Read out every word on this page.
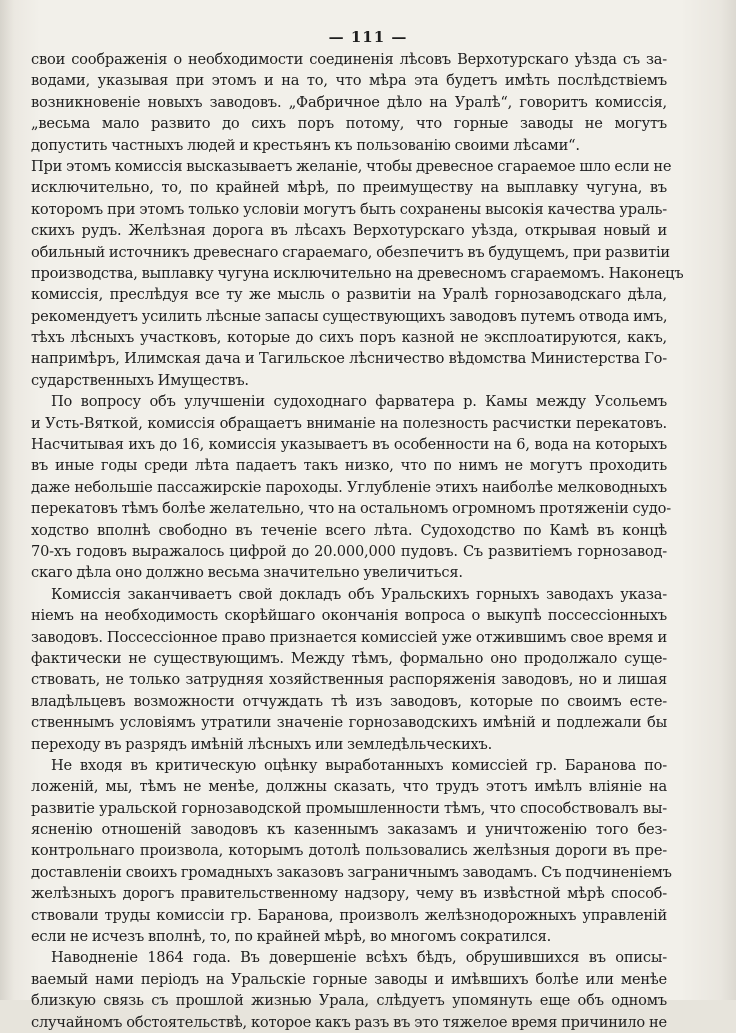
— 111 —
свои соображенія о необходимости соединенія лѣсовъ Верхотурскаго уѣзда съ за-
водами, указывая при этомъ и на то, что мѣра эта будетъ имѣть послѣдствіемъ
возникновеніе новыхъ заводовъ. „Фабричное дѣло на Уралѣ“, говоритъ комиссія,
„весьма мало развито до сихъ поръ потому, что горные заводы не могутъ
допустить частныхъ людей и крестьянъ къ пользованію своими лѣсами“.
При этомъ комиссія высказываетъ желаніе, чтобы древесное сгараемое шло если не
исключительно, то, по крайней мѣрѣ, по преимуществу на выплавку чугуна, въ
которомъ при этомъ только условіи могутъ быть сохранены высокія качества ураль-
скихъ рудъ. Желѣзная дорога въ лѣсахъ Верхотурскаго уѣзда, открывая новый и
обильный источникъ древеснаго сгараемаго, обезпечитъ въ будущемъ, при развитіи
производства, выплавку чугуна исключительно на древесномъ сгараемомъ. Наконецъ
комиссія, преслѣдуя все ту же мысль о развитіи на Уралѣ горнозаводскаго дѣла,
рекомендуетъ усилить лѣсные запасы существующихъ заводовъ путемъ отвода имъ,
тѣхъ лѣсныхъ участковъ, которые до сихъ поръ казной не эксплоатируются, какъ,
напримѣръ, Илимская дача и Тагильское лѣсничество вѣдомства Министерства Го-
сударственныхъ Имуществъ.
По вопросу объ улучшеніи судоходнаго фарватера р. Камы между Усольемъ
и Усть-Вяткой, комиссія обращаетъ вниманіе на полезность расчистки перекатовъ.
Насчитывая ихъ до 16, комиссія указываетъ въ особенности на 6, вода на которыхъ
въ иные годы среди лѣта падаетъ такъ низко, что по нимъ не могутъ проходить
даже небольшіе пассажирскіе пароходы. Углубленіе этихъ наиболѣе мелководныхъ
перекатовъ тѣмъ болѣе желательно, что на остальномъ огромномъ протяженіи судо-
ходство вполнѣ свободно въ теченіе всего лѣта. Судоходство по Камѣ въ концѣ
70-хъ годовъ выражалось цифрой до 20.000,000 пудовъ. Съ развитіемъ горнозавод-
скаго дѣла оно должно весьма значительно увеличиться.
Комиссія заканчиваетъ свой докладъ объ Уральскихъ горныхъ заводахъ указа-
ніемъ на необходимость скорѣйшаго окончанія вопроса о выкупѣ поссессіонныхъ
заводовъ. Поссессіонное право признается комиссіей уже отжившимъ свое время и
фактически не существующимъ. Между тѣмъ, формально оно продолжало суще-
ствовать, не только затрудняя хозяйственныя распоряженія заводовъ, но и лишая
владѣльцевъ возможности отчуждать тѣ изъ заводовъ, которые по своимъ есте-
ственнымъ условіямъ утратили значеніе горнозаводскихъ имѣній и подлежали бы
переходу въ разрядъ имѣній лѣсныхъ или земледѣльческихъ.
Не входя въ критическую оцѣнку выработанныхъ комиссіей гр. Баранова по-
ложеній, мы, тѣмъ не менѣе, должны сказать, что трудъ этотъ имѣлъ вліяніе на
развитіе уральской горнозаводской промышленности тѣмъ, что способствовалъ вы-
ясненію отношеній заводовъ къ казеннымъ заказамъ и уничтоженію того без-
контрольнаго произвола, которымъ дотолѣ пользовались желѣзныя дороги въ пре-
доставленіи своихъ громадныхъ заказовъ заграничнымъ заводамъ. Съ подчиненіемъ
желѣзныхъ дорогъ правительственному надзору, чему въ извѣстной мѣрѣ способ-
ствовали труды комиссіи гр. Баранова, произволъ желѣзнодорожныхъ управленій
если не исчезъ вполнѣ, то, по крайней мѣрѣ, во многомъ сократился.
Наводненіе 1864 года. Въ довершеніе всѣхъ бѣдъ, обрушившихся въ описы-
ваемый нами періодъ на Уральскіе горные заводы и имѣвшихъ болѣе или менѣе
близкую связь съ прошлой жизнью Урала, слѣдуетъ упомянуть еще объ одномъ
случайномъ обстоятельствѣ, которое какъ разъ въ это тяжелое время причинило не
